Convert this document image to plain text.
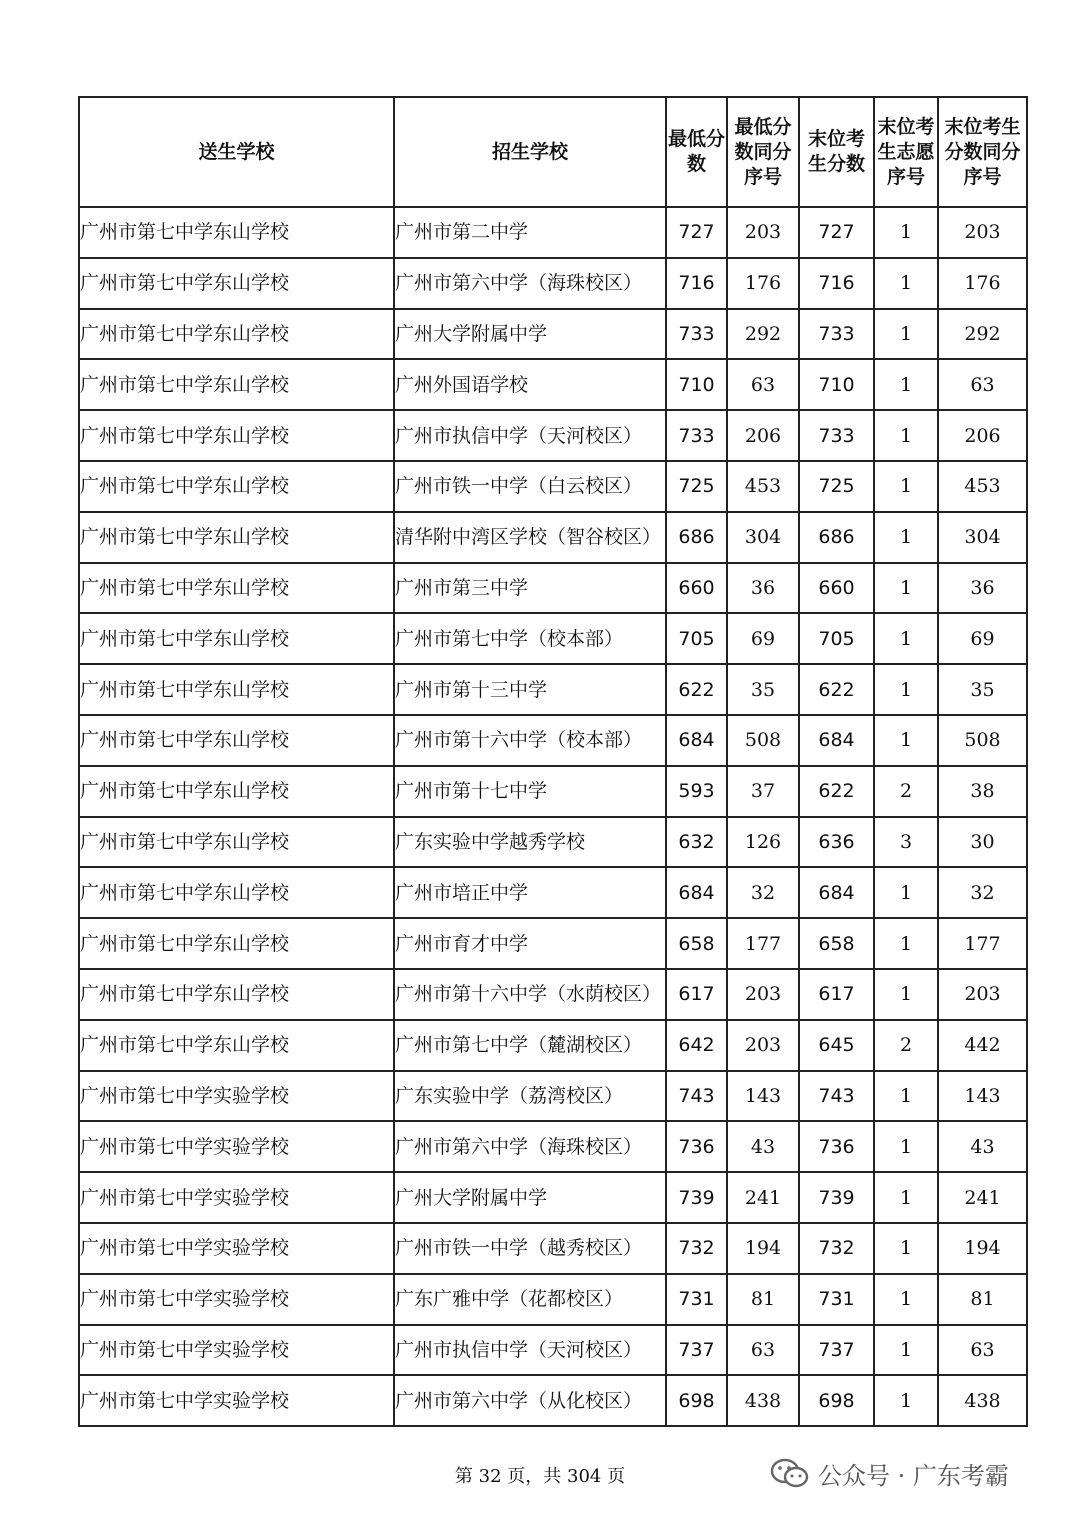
送生学校	招生学校	最低分数	最低分数同分序号	末位考生分数	末位考生志愿序号	末位考生分数同分序号
广州市第七中学东山学校	广州市第二中学	727	203	727	1	203
广州市第七中学东山学校	广州市第六中学（海珠校区）	716	176	716	1	176
广州市第七中学东山学校	广州大学附属中学	733	292	733	1	292
广州市第七中学东山学校	广州外国语学校	710	63	710	1	63
广州市第七中学东山学校	广州市执信中学（天河校区）	733	206	733	1	206
广州市第七中学东山学校	广州市铁一中学（白云校区）	725	453	725	1	453
广州市第七中学东山学校	清华附中湾区学校（智谷校区）	686	304	686	1	304
广州市第七中学东山学校	广州市第三中学	660	36	660	1	36
广州市第七中学东山学校	广州市第七中学（校本部）	705	69	705	1	69
广州市第七中学东山学校	广州市第十三中学	622	35	622	1	35
广州市第七中学东山学校	广州市第十六中学（校本部）	684	508	684	1	508
广州市第七中学东山学校	广州市第十七中学	593	37	622	2	38
广州市第七中学东山学校	广东实验中学越秀学校	632	126	636	3	30
广州市第七中学东山学校	广州市培正中学	684	32	684	1	32
广州市第七中学东山学校	广州市育才中学	658	177	658	1	177
广州市第七中学东山学校	广州市第十六中学（水荫校区）	617	203	617	1	203
广州市第七中学东山学校	广州市第七中学（麓湖校区）	642	203	645	2	442
广州市第七中学实验学校	广东实验中学（荔湾校区）	743	143	743	1	143
广州市第七中学实验学校	广州市第六中学（海珠校区）	736	43	736	1	43
广州市第七中学实验学校	广州大学附属中学	739	241	739	1	241
广州市第七中学实验学校	广州市铁一中学（越秀校区）	732	194	732	1	194
广州市第七中学实验学校	广东广雅中学（花都校区）	731	81	731	1	81
广州市第七中学实验学校	广州市执信中学（天河校区）	737	63	737	1	63
广州市第七中学实验学校	广州市第六中学（从化校区）	698	438	698	1	438
第 32 页，共 304 页	公众号 · 广东考霸
